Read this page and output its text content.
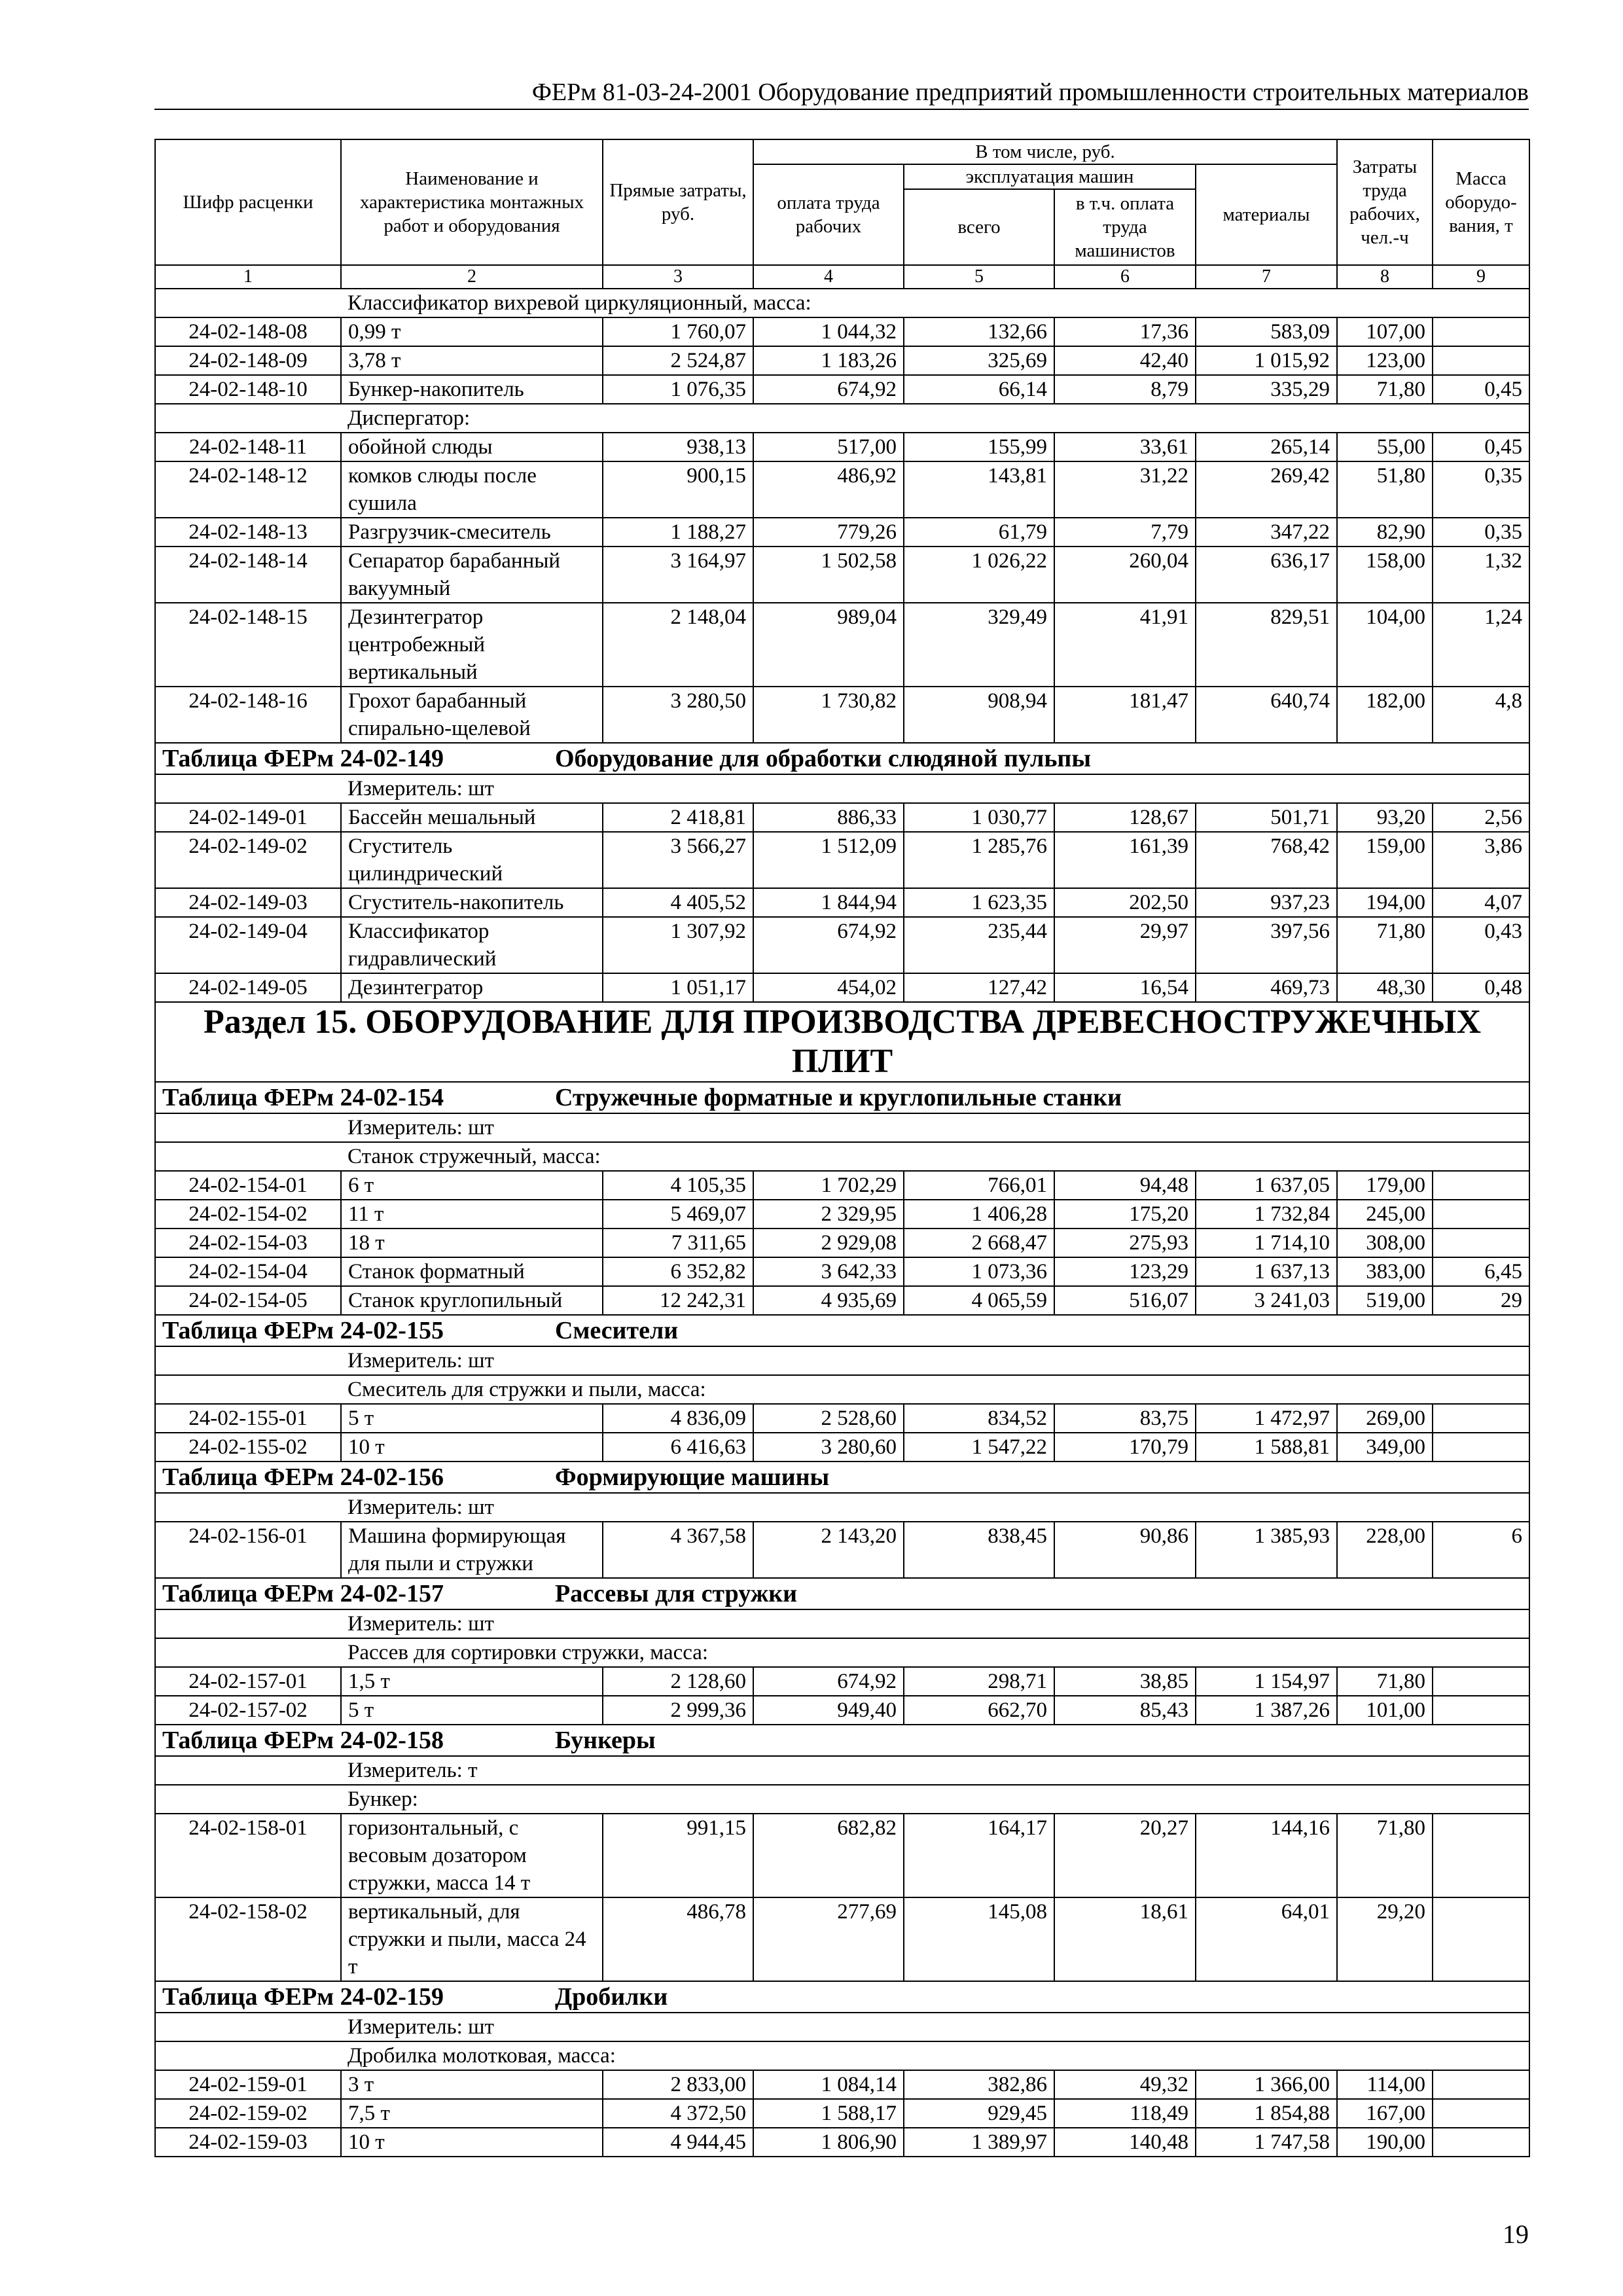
ФЕРм 81-03-24-2001 Оборудование предприятий промышленности строительных материалов
Шифр расценки	Наименование и характеристика монтажных работ и оборудования	Прямые затраты, руб.	В том числе, руб.				Затраты труда рабочих, чел.-ч	Масса оборудо-вания, т
			оплата труда рабочих	эксплуатация машин		материалы		
				всего	в т.ч. оплата труда машинистов			
1	2	3	4	5	6	7	8	9
	Классификатор вихревой циркуляционный, масса:							
24-02-148-08	0,99 т	1 760,07	1 044,32	132,66	17,36	583,09	107,00	
24-02-148-09	3,78 т	2 524,87	1 183,26	325,69	42,40	1 015,92	123,00	
24-02-148-10	Бункер-накопитель	1 076,35	674,92	66,14	8,79	335,29	71,80	0,45
	Диспергатор:							
24-02-148-11	обойной слюды	938,13	517,00	155,99	33,61	265,14	55,00	0,45
24-02-148-12	комков слюды после сушила	900,15	486,92	143,81	31,22	269,42	51,80	0,35
24-02-148-13	Разгрузчик-смеситель	1 188,27	779,26	61,79	7,79	347,22	82,90	0,35
24-02-148-14	Сепаратор барабанный вакуумный	3 164,97	1 502,58	1 026,22	260,04	636,17	158,00	1,32
24-02-148-15	Дезинтегратор центробежный вертикальный	2 148,04	989,04	329,49	41,91	829,51	104,00	1,24
24-02-148-16	Грохот барабанный спирально-щелевой	3 280,50	1 730,82	908,94	181,47	640,74	182,00	4,8
Таблица ФЕРм 24-02-149 Оборудование для обработки слюдяной пульпы								
	Измеритель: шт							
24-02-149-01	Бассейн мешальный	2 418,81	886,33	1 030,77	128,67	501,71	93,20	2,56
24-02-149-02	Сгуститель цилиндрический	3 566,27	1 512,09	1 285,76	161,39	768,42	159,00	3,86
24-02-149-03	Сгуститель-накопитель	4 405,52	1 844,94	1 623,35	202,50	937,23	194,00	4,07
24-02-149-04	Классификатор гидравлический	1 307,92	674,92	235,44	29,97	397,56	71,80	0,43
24-02-149-05	Дезинтегратор	1 051,17	454,02	127,42	16,54	469,73	48,30	0,48
Раздел 15. ОБОРУДОВАНИЕ ДЛЯ ПРОИЗВОДСТВА ДРЕВЕСНОСТРУЖЕЧНЫХ ПЛИТ								
Таблица ФЕРм 24-02-154 Стружечные форматные и круглопильные станки								
	Измеритель: шт							
	Станок стружечный, масса:							
24-02-154-01	6 т	4 105,35	1 702,29	766,01	94,48	1 637,05	179,00	
24-02-154-02	11 т	5 469,07	2 329,95	1 406,28	175,20	1 732,84	245,00	
24-02-154-03	18 т	7 311,65	2 929,08	2 668,47	275,93	1 714,10	308,00	
24-02-154-04	Станок форматный	6 352,82	3 642,33	1 073,36	123,29	1 637,13	383,00	6,45
24-02-154-05	Станок круглопильный	12 242,31	4 935,69	4 065,59	516,07	3 241,03	519,00	29
Таблица ФЕРм 24-02-155 Смесители								
	Измеритель: шт							
	Смеситель для стружки и пыли, масса:							
24-02-155-01	5 т	4 836,09	2 528,60	834,52	83,75	1 472,97	269,00	
24-02-155-02	10 т	6 416,63	3 280,60	1 547,22	170,79	1 588,81	349,00	
Таблица ФЕРм 24-02-156 Формирующие машины								
	Измеритель: шт							
24-02-156-01	Машина формирующая для пыли и стружки	4 367,58	2 143,20	838,45	90,86	1 385,93	228,00	6
Таблица ФЕРм 24-02-157 Рассевы для стружки								
	Измеритель: шт							
	Рассев для сортировки стружки, масса:							
24-02-157-01	1,5 т	2 128,60	674,92	298,71	38,85	1 154,97	71,80	
24-02-157-02	5 т	2 999,36	949,40	662,70	85,43	1 387,26	101,00	
Таблица ФЕРм 24-02-158 Бункеры								
	Измеритель: т							
	Бункер:							
24-02-158-01	горизонтальный, с весовым дозатором стружки, масса 14 т	991,15	682,82	164,17	20,27	144,16	71,80	
24-02-158-02	вертикальный, для стружки и пыли, масса 24 т	486,78	277,69	145,08	18,61	64,01	29,20	
Таблица ФЕРм 24-02-159 Дробилки								
	Измеритель: шт							
	Дробилка молотковая, масса:							
24-02-159-01	3 т	2 833,00	1 084,14	382,86	49,32	1 366,00	114,00	
24-02-159-02	7,5 т	4 372,50	1 588,17	929,45	118,49	1 854,88	167,00	
24-02-159-03	10 т	4 944,45	1 806,90	1 389,97	140,48	1 747,58	190,00	
19
